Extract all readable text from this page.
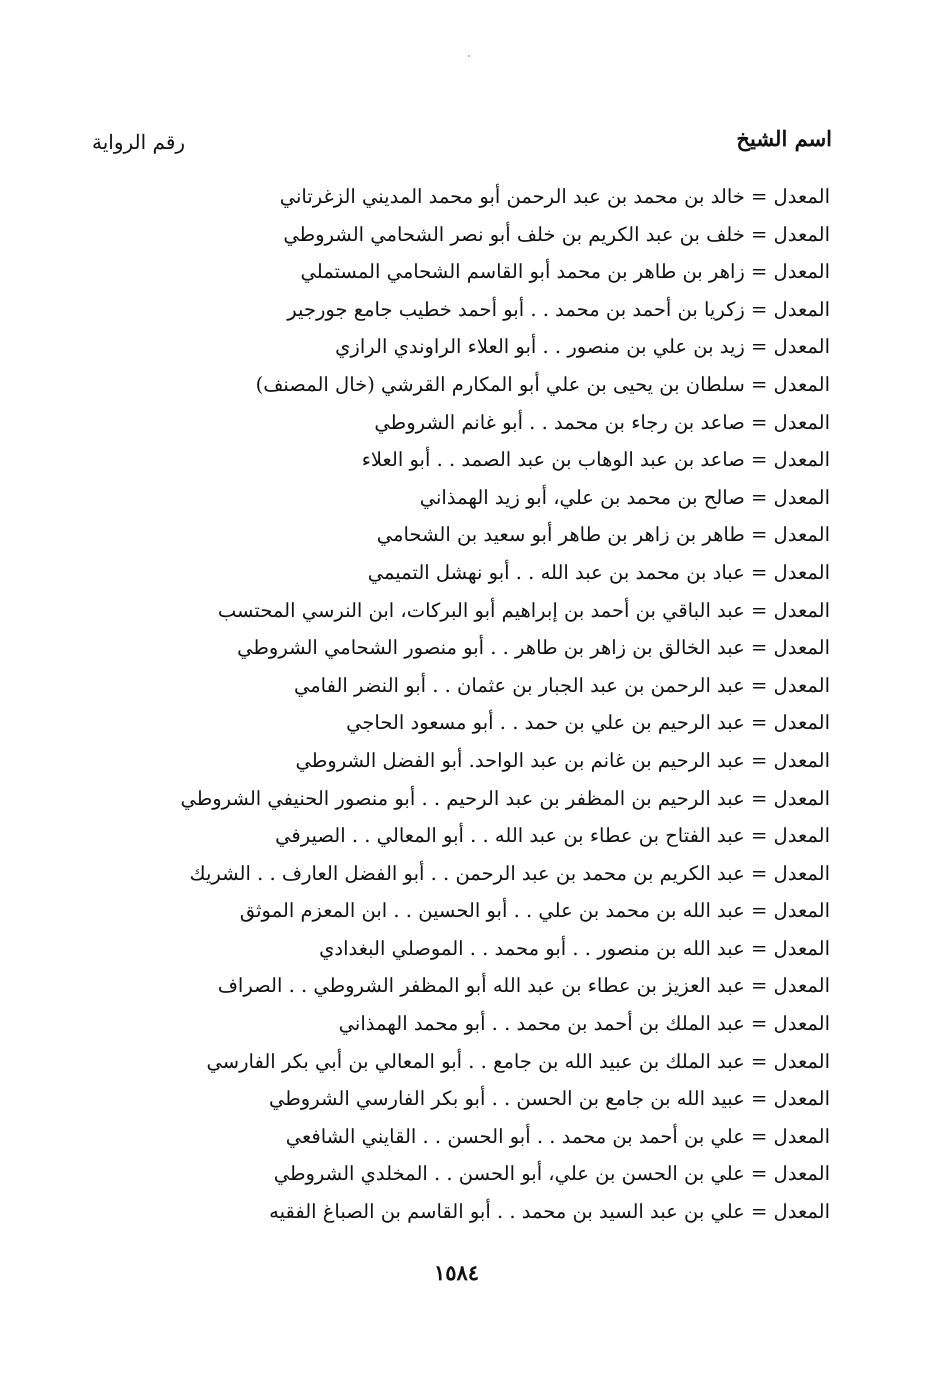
اسم الشيخ
رقم الرواية
المعدل = خالد بن محمد بن عبد الرحمن أبو محمد المديني الزغرتاني
المعدل = خلف بن عبد الكريم بن خلف أبو نصر الشحامي الشروطي
المعدل = زاهر بن طاهر بن محمد أبو القاسم الشحامي المستملي
المعدل = زكريا بن أحمد بن محمد . . أبو أحمد خطيب جامع جورجير
المعدل = زيد بن علي بن منصور . . أبو العلاء الراوندي الرازي
المعدل = سلطان بن يحيى بن علي أبو المكارم القرشي (خال المصنف)
المعدل = صاعد بن رجاء بن محمد . . أبو غانم الشروطي
المعدل = صاعد بن عبد الوهاب بن عبد الصمد . . أبو العلاء
المعدل = صالح بن محمد بن علي، أبو زيد الهمذاني
المعدل = طاهر بن زاهر بن طاهر أبو سعيد بن الشحامي
المعدل = عباد بن محمد بن عبد الله . . أبو نهشل التميمي
المعدل = عبد الباقي بن أحمد بن إبراهيم أبو البركات، ابن النرسي المحتسب
المعدل = عبد الخالق بن زاهر بن طاهر . . أبو منصور الشحامي الشروطي
المعدل = عبد الرحمن بن عبد الجبار بن عثمان . . أبو النضر الفامي
المعدل = عبد الرحيم بن علي بن حمد . . أبو مسعود الحاجي
المعدل = عبد الرحيم بن غانم بن عبد الواحد. أبو الفضل الشروطي
المعدل = عبد الرحيم بن المظفر بن عبد الرحيم . . أبو منصور الحنيفي الشروطي
المعدل = عبد الفتاح بن عطاء بن عبد الله . . أبو المعالي . . الصيرفي
المعدل = عبد الكريم بن محمد بن عبد الرحمن . . أبو الفضل العارف . . الشريك
المعدل = عبد الله بن محمد بن علي . . أبو الحسين . . ابن المعزم الموثق
المعدل = عبد الله بن منصور . . أبو محمد . . الموصلي البغدادي
المعدل = عبد العزيز بن عطاء بن عبد الله أبو المظفر الشروطي . . الصراف
المعدل = عبد الملك بن أحمد بن محمد . . أبو محمد الهمذاني
المعدل = عبد الملك بن عبيد الله بن جامع . . أبو المعالي بن أبي بكر الفارسي
المعدل = عبيد الله بن جامع بن الحسن . . أبو بكر الفارسي الشروطي
المعدل = علي بن أحمد بن محمد . . أبو الحسن . . القايني الشافعي
المعدل = علي بن الحسن بن علي، أبو الحسن . . المخلدي الشروطي
المعدل = علي بن عبد السيد بن محمد . . أبو القاسم بن الصباغ الفقيه
١٥٨٤
